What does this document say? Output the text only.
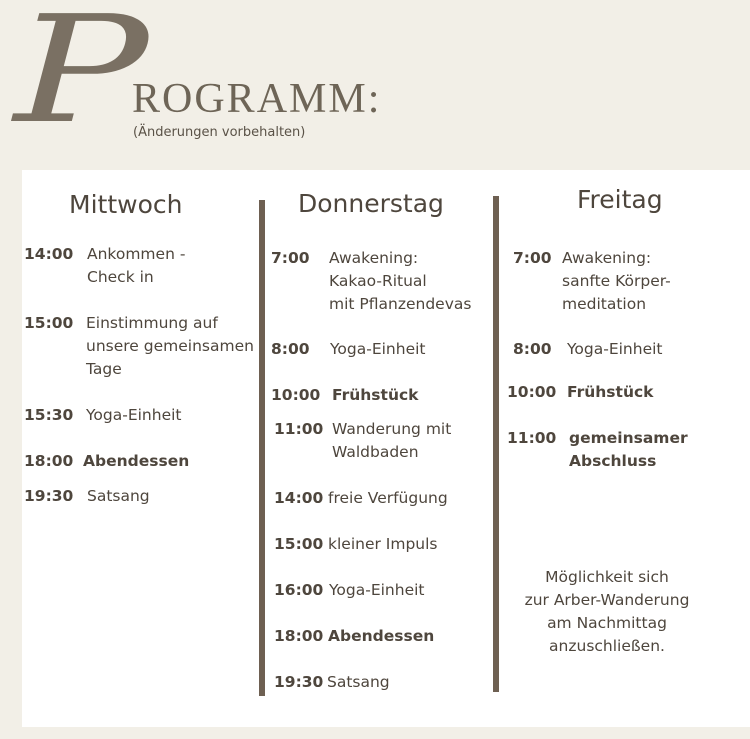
P
ROGRAMM:
(Änderungen vorbehalten)
Mittwoch
14:00 Ankommen -
Check in
15:00 Einstimmung auf
unsere gemeinsamen
Tage
15:30 Yoga-Einheit
18:00 Abendessen
19:30 Satsang
Donnerstag
7:00 Awakening:
Kakao-Ritual
mit Pflanzendevas
8:00 Yoga-Einheit
10:00 Frühstück
11:00 Wanderung mit
Waldbaden
14:00 freie Verfügung
15:00 kleiner Impuls
16:00 Yoga-Einheit
18:00 Abendessen
19:30 Satsang
Freitag
7:00 Awakening:
sanfte Körper-
meditation
8:00 Yoga-Einheit
10:00 Frühstück
11:00 gemeinsamer
Abschluss
Möglichkeit sich
zur Arber-Wanderung
am Nachmittag
anzuschließen.
